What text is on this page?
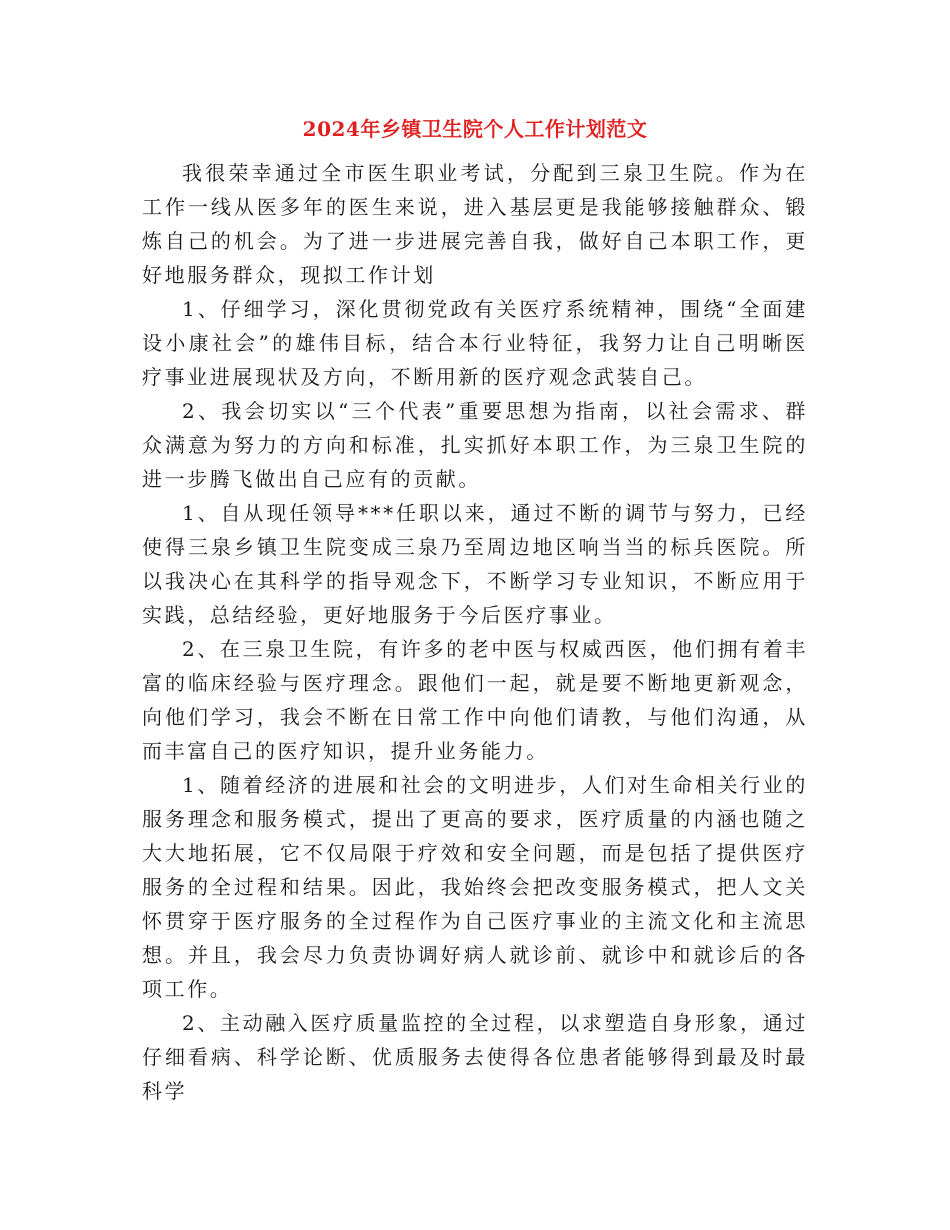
2024年乡镇卫生院个人工作计划范文

我很荣幸通过全市医生职业考试，分配到三泉卫生院。作为在工作一线从医多年的医生来说，进入基层更是我能够接触群众、锻炼自己的机会。为了进一步进展完善自我，做好自己本职工作，更好地服务群众，现拟工作计划

1、仔细学习，深化贯彻党政有关医疗系统精神，围绕“全面建设小康社会”的雄伟目标，结合本行业特征，我努力让自己明晰医疗事业进展现状及方向，不断用新的医疗观念武装自己。

2、我会切实以“三个代表”重要思想为指南，以社会需求、群众满意为努力的方向和标准，扎实抓好本职工作，为三泉卫生院的进一步腾飞做出自己应有的贡献。

1、自从现任领导***任职以来，通过不断的调节与努力，已经使得三泉乡镇卫生院变成三泉乃至周边地区响当当的标兵医院。所以我决心在其科学的指导观念下，不断学习专业知识，不断应用于实践，总结经验，更好地服务于今后医疗事业。

2、在三泉卫生院，有许多的老中医与权威西医，他们拥有着丰富的临床经验与医疗理念。跟他们一起，就是要不断地更新观念，向他们学习，我会不断在日常工作中向他们请教，与他们沟通，从而丰富自己的医疗知识，提升业务能力。

1、随着经济的进展和社会的文明进步，人们对生命相关行业的服务理念和服务模式，提出了更高的要求，医疗质量的内涵也随之大大地拓展，它不仅局限于疗效和安全问题，而是包括了提供医疗服务的全过程和结果。因此，我始终会把改变服务模式，把人文关怀贯穿于医疗服务的全过程作为自己医疗事业的主流文化和主流思想。并且，我会尽力负责协调好病人就诊前、就诊中和就诊后的各项工作。

2、主动融入医疗质量监控的全过程，以求塑造自身形象，通过仔细看病、科学论断、优质服务去使得各位患者能够得到最及时最科学
